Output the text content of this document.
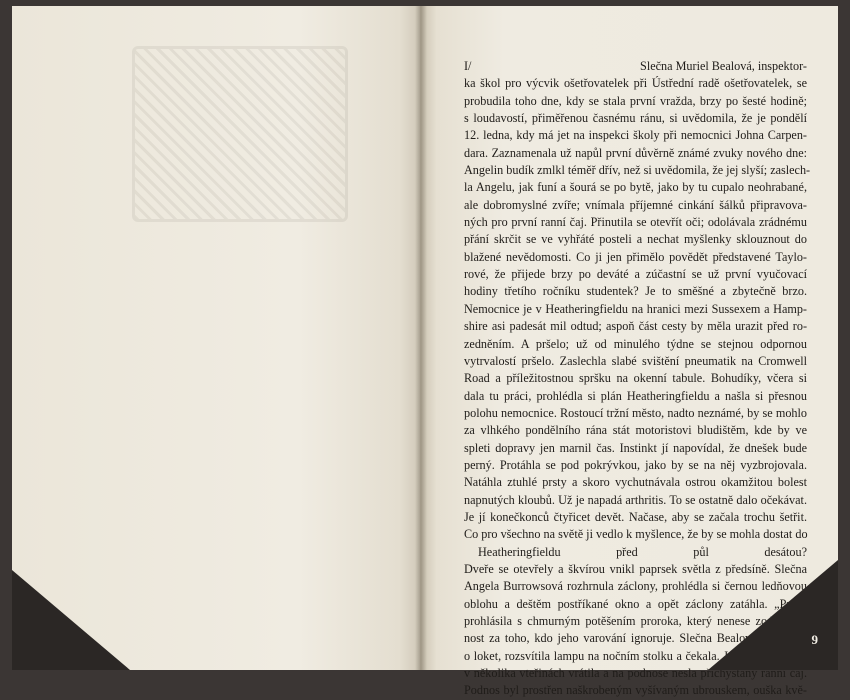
I/	Slečna Muriel Bealová, inspektor-
ka škol pro výcvik ošetřovatelek při Ústřední radě ošetřovatelek, se
probudila toho dne, kdy se stala první vražda, brzy po šesté hodině;
s loudavostí, přiměřenou časnému ránu, si uvědomila, že je pondělí
12. ledna, kdy má jet na inspekci školy při nemocnici Johna Carpen-
dara. Zaznamenala už napůl první důvěrně známé zvuky nového dne:
Angelin budík zmlkl téměř dřív, než si uvědomila, že jej slyší; zaslech-
la Angelu, jak funí a šourá se po bytě, jako by tu cupalo neohrabané,
ale dobromyslné zvíře; vnímala příjemné cinkání šálků připravova-
ných pro první ranní čaj. Přinutila se otevřít oči; odolávala zrádnému
přání skrčit se ve vyhřáté posteli a nechat myšlenky sklouznout do
blažené nevědomosti. Co ji jen přimělo povědět představené Taylo-
rové, že přijede brzy po deváté a zúčastní se už první vyučovací
hodiny třetího ročníku studentek? Je to směšné a zbytečně brzo.
Nemocnice je v Heatheringfieldu na hranici mezi Sussexem a Hamp-
shire asi padesát mil odtud; aspoň část cesty by měla urazit před ro-
zedněním. A pršelo; už od minulého týdne se stejnou odpornou
vytrvalostí pršelo. Zaslechla slabé svištění pneumatik na Cromwell
Road a příležitostnou spršku na okenní tabule. Bohudíky, včera si
dala tu práci, prohlédla si plán Heatheringfieldu a našla si přesnou
polohu nemocnice. Rostoucí tržní město, nadto neznámé, by se mohlo
za vlhkého pondělního rána stát motoristovi bludištěm, kde by ve
spleti dopravy jen marnil čas. Instinkt jí napovídal, že dnešek bude
perný. Protáhla se pod pokrývkou, jako by se na něj vyzbrojovala.
Natáhla ztuhlé prsty a skoro vychutnávala ostrou okamžitou bolest
napnutých kloubů. Už je napadá arthritis. To se ostatně dalo očekávat.
Je jí konečkonců čtyřicet devět. Načase, aby se začala trochu šetřit.
Co pro všechno na světě ji vedlo k myšlence, že by se mohla dostat do
Heatheringfieldu před půl desátou?
Dveře se otevřely a škvírou vnikl paprsek světla z předsíně. Slečna
Angela Burrowsová rozhrnula záclony, prohlédla si černou ledňovou
oblohu a deštěm postříkané okno a opět záclony zatáhla. „Prší,“
prohlásila s chmurným potěšením proroka, který nenese zodpověd-
nost za toho, kdo jeho varování ignoruje. Slečna Bealová se opřela
o loket, rozsvítila lampu na nočním stolku a čekala. Její přítelkyně se
v několika vteřinách vrátila a na podnose nesla přichystaný ranní čaj.
Podnos byl prostřen naškrobeným vyšívaným ubrouskem, ouška kvě-
9
